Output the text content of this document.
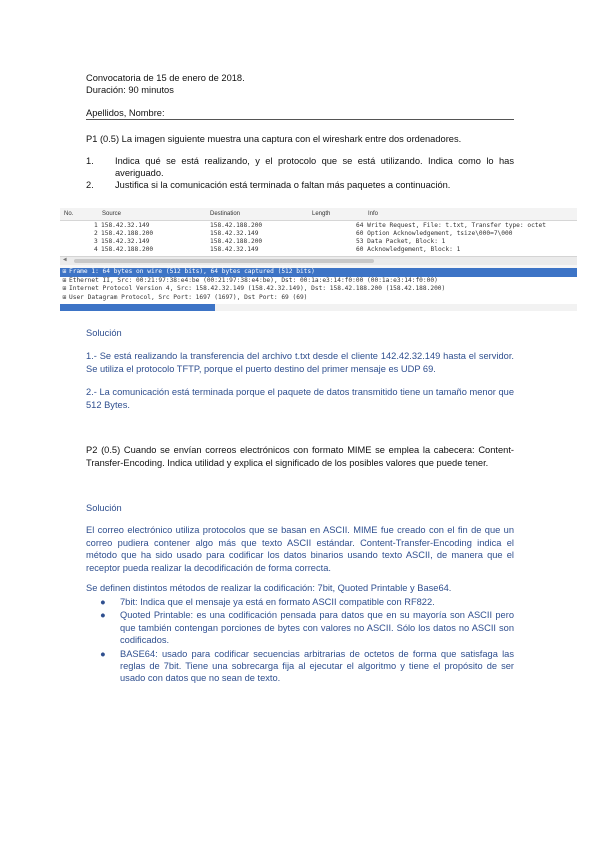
Convocatoria de 15 de enero de 2018.
Duración: 90 minutos
Apellidos, Nombre:
P1 (0.5) La imagen siguiente muestra una captura con el wireshark entre dos ordenadores.
1. Indica qué se está realizando, y el protocolo que se está utilizando. Indica como lo has averiguado.
2. Justifica si la comunicación está terminada o faltan más paquetes a continuación.
No.	Source	Destination	Length	Info
1 158.42.32.149	158.42.188.200	64 Write Request, File: t.txt, Transfer type: octet
2 158.42.188.200	158.42.32.149	60 Option Acknowledgement, tsize\000=7\000
3 158.42.32.149	158.42.188.200	53 Data Packet, Block: 1
4 158.42.188.200	158.42.32.149	60 Acknowledgement, Block: 1
◀
⊞ Frame 1: 64 bytes on wire (512 bits), 64 bytes captured (512 bits)
⊞ Ethernet II, Src: 00:21:97:38:e4:be (00:21:97:38:e4:be), Dst: 00:1a:e3:14:f0:00 (00:1a:e3:14:f0:00)
⊞ Internet Protocol Version 4, Src: 158.42.32.149 (158.42.32.149), Dst: 158.42.188.200 (158.42.188.200)
⊞ User Datagram Protocol, Src Port: 1697 (1697), Dst Port: 69 (69)
Solución
1.- Se está realizando la transferencia del archivo t.txt desde el cliente 142.42.32.149 hasta el servidor. Se utiliza el protocolo TFTP, porque el puerto destino del primer mensaje es UDP 69.
2.- La comunicación está terminada porque el paquete de datos transmitido tiene un tamaño menor que 512 Bytes.
P2 (0.5) Cuando se envían correos electrónicos con formato MIME se emplea la cabecera: Content-Transfer-Encoding. Indica utilidad y explica el significado de los posibles valores que puede tener.
Solución
El correo electrónico utiliza protocolos que se basan en ASCII. MIME fue creado con el fin de que un correo pudiera contener algo más que texto ASCII estándar. Content-Transfer-Encoding indica el método que ha sido usado para codificar los datos binarios usando texto ASCII, de manera que el receptor pueda realizar la decodificación de forma correcta.
Se definen distintos métodos de realizar la codificación: 7bit, Quoted Printable y Base64.
● 7bit: Indica que el mensaje ya está en formato ASCII compatible con RF822.
● Quoted Printable: es una codificación pensada para datos que en su mayoría son ASCII pero que también contengan porciones de bytes con valores no ASCII. Sólo los datos no ASCII son codificados.
● BASE64: usado para codificar secuencias arbitrarias de octetos de forma que satisfaga las reglas de 7bit. Tiene una sobrecarga fija al ejecutar el algoritmo y tiene el propósito de ser usado con datos que no sean de texto.
